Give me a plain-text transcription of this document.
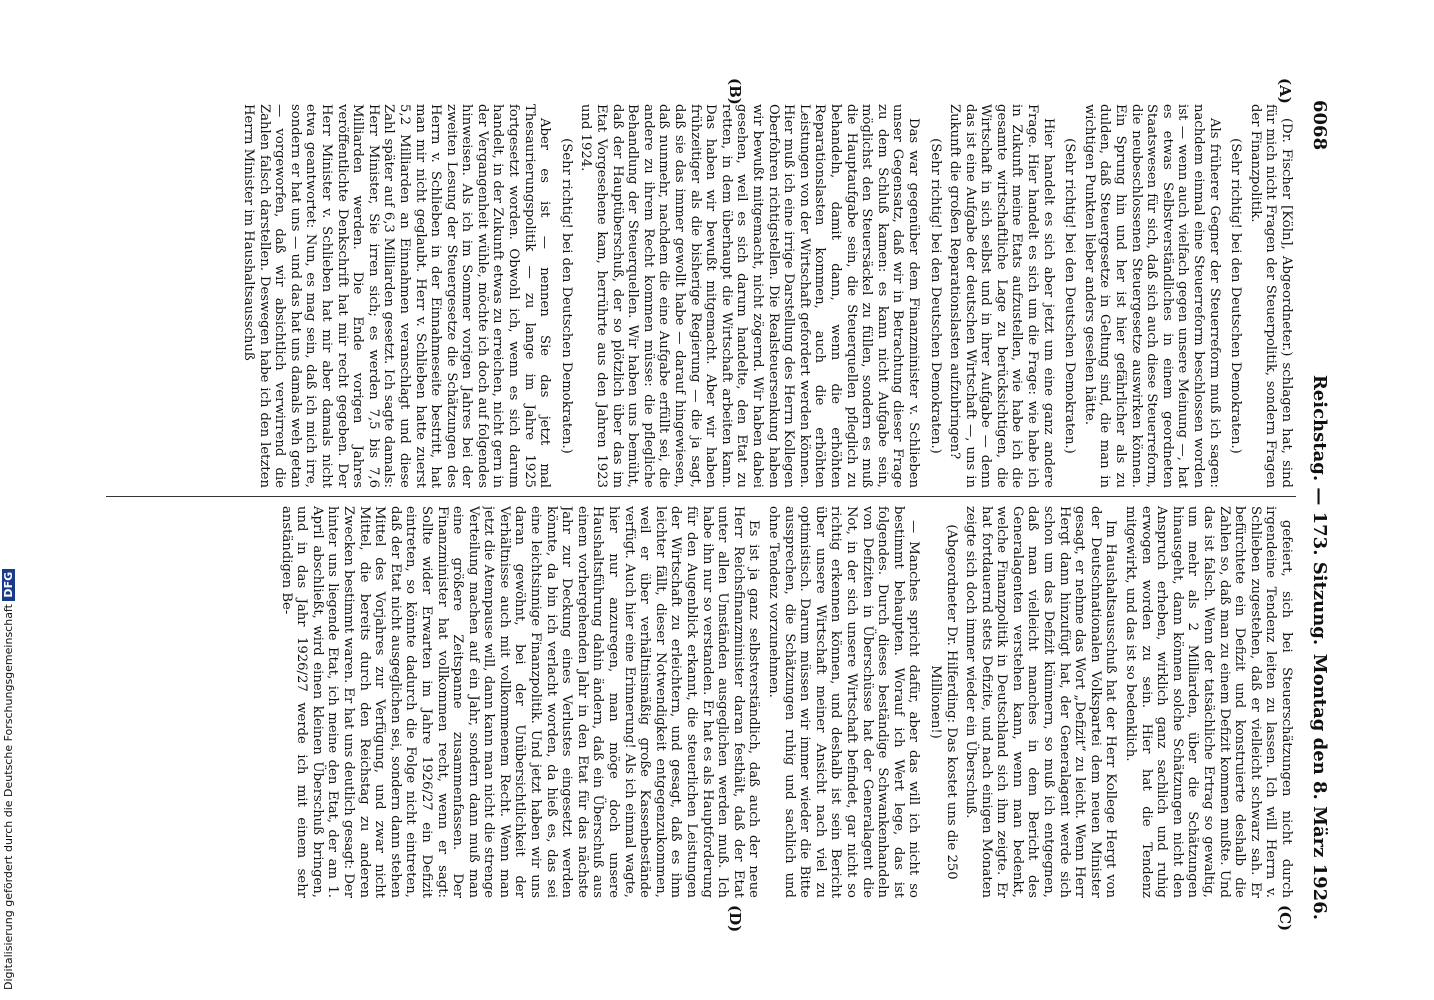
6068
Reichstag. — 173. Sitzung.
Montag den 8. März 1926.
(A)
(B)
(C)
(D)

(Dr. Fischer [Köln], Abgeordneter.) schlagen hat, sind für mich nicht Fragen der Steuerpolitik, sondern Fragen der Finanzpolitik.

(Sehr richtig! bei den Deutschen Demokraten.)

Als früherer Gegner der Steuerreform muß ich sagen: nachdem einmal eine Steuerreform beschlossen worden ist — wenn auch vielfach gegen unsere Meinung —, hat es etwas Selbstverständliches in einem geordneten Staatswesen für sich, daß sich auch diese Steuerreform, die neubeschlossenen Steuergesetze auswirken können. Ein Sprung hin und her ist hier gefährlicher als zu dulden, daß Steuergesetze in Geltung sind, die man in wichtigen Punkten lieber anders gesehen hätte.

(Sehr richtig! bei den Deutschen Demokraten.)

Hier handelt es sich aber jetzt um eine ganz andere Frage. Hier handelt es sich um die Frage: wie habe ich in Zukunft meine Etats aufzustellen, wie habe ich die gesamte wirtschaftliche Lage zu berücksichtigen, die Wirtschaft in sich selbst und in ihrer Aufgabe — denn das ist eine Aufgabe der deutschen Wirtschaft —, uns in Zukunft die großen Reparationslasten aufzubringen?

(Sehr richtig! bei den Deutschen Demokraten.)

Das war gegenüber dem Finanzminister v. Schlieben unser Gegensatz, daß wir in Betrachtung dieser Frage zu dem Schluß kamen: es kann nicht Aufgabe sein, möglichst den Steuersäckel zu füllen, sondern es muß die Hauptaufgabe sein, die Steuerquellen pfleglich zu behandeln, damit dann, wenn die erhöhten Reparationslasten kommen, auch die erhöhten Leistungen von der Wirtschaft gefordert werden können. Hier muß ich eine irrige Darstellung des Herrn Kollegen Oberfohren richtigstellen. Die Realsteuersenkung haben wir bewußt mitgemacht, nicht zögernd. Wir haben dabei gesehen, weil es sich darum handelte, den Etat zu retten, in dem überhaupt die Wirtschaft arbeiten kann. Das haben wir bewußt mitgemacht. Aber wir haben frühzeitiger als die bisherige Regierung — die ja sagt, daß sie das immer gewollt habe — darauf hingewiesen, daß nunmehr, nachdem die eine Aufgabe erfüllt sei, die andere zu ihrem Recht kommen müsse: die pflegliche Behandlung der Steuerquellen. Wir haben uns bemüht, daß der Hauptüberschuß, der so plötzlich über das im Etat Vorgesehene kam, herrührte aus den Jahren 1923 und 1924.

(Sehr richtig! bei den Deutschen Demokraten.)

Aber es ist — nennen Sie das jetzt mal Thesaurierungspolitik — zu lange im Jahre 1925 fortgesetzt worden. Obwohl ich, wenn es sich darum handelt, in der Zukunft etwas zu erreichen, nicht gern in der Vergangenheit wühle, möchte ich doch auf folgendes hinweisen. Als ich im Sommer vorigen Jahres bei der zweiten Lesung der Steuergesetze die Schätzungen des Herrn v. Schlieben in der Einnahmeseite bestritt, hat man mir nicht geglaubt. Herr v. Schlieben hatte zuerst 5,2 Milliarden an Einnahmen veranschlagt und diese Zahl später auf 6,3 Milliarden gesetzt. Ich sagte damals: Herr Minister, Sie irren sich; es werden 7,5 bis 7,6 Milliarden werden. Die Ende vorigen Jahres veröffentlichte Denkschrift hat mir recht gegeben. Der Herr Minister v. Schlieben hat mir aber damals nicht etwa geantwortet: Nun, es mag sein, daß ich mich irre, sondern er hat uns — und das hat uns damals weh getan — vorgeworfen, daß wir absichtlich verwirrend die Zahlen falsch darstellen. Deswegen habe ich den letzten Herrn Minister im Haushaltsausschuß

gefeiert, sich bei Steuerschätzungen nicht durch irgendeine Tendenz leiten zu lassen. Ich will Herrn v. Schlieben zugestehen, daß er vielleicht schwarz sah. Er befürchtete ein Defizit und konstruierte deshalb die Zahlen so, daß man zu einem Defizit kommen mußte. Und das ist falsch. Wenn der tatsächliche Ertrag so gewaltig, um mehr als 2 Milliarden, über die Schätzungen hinausgeht, dann können solche Schätzungen nicht den Anspruch erheben, wirklich ganz sachlich und ruhig erwogen worden zu sein. Hier hat die Tendenz mitgewirkt, und das ist so bedenklich.

Im Haushaltsausschuß hat der Herr Kollege Hergt von der Deutschnationalen Volkspartei dem neuen Minister gesagt, er nehme das Wort „Defizit“ zu leicht. Wenn Herr Hergt dann hinzufügt hat, der Generalagent werde sich schon um das Defizit kümmern, so muß ich entgegnen, daß man vielleicht manches in dem Bericht des Generalagenten verstehen kann, wenn man bedenkt, welche Finanzpolitik in Deutschland sich ihm zeigte. Er hat fortdauernd stets Defizite, und nach einigen Monaten zeigte sich doch immer wieder ein Überschuß.

(Abgeordneter Dr. Hilferding: Das kostet uns die 250 Millionen!)

— Manches spricht dafür, aber das will ich nicht so bestimmt behaupten. Worauf ich Wert lege, das ist folgendes. Durch dieses beständige Schwankenhandeln von Defiziten in Überschüsse hat der Generalagent die Not, in der sich unsere Wirtschaft befindet, gar nicht so richtig erkennen können, und deshalb ist sein Bericht über unsere Wirtschaft meiner Ansicht nach viel zu optimistisch. Darum müssen wir immer wieder die Bitte aussprechen, die Schätzungen ruhig und sachlich und ohne Tendenz vorzunehmen.

Es ist ja ganz selbstverständlich, daß auch der neue Herr Reichsfinanzminister daran festhält, daß der Etat unter allen Umständen ausgeglichen werden muß. Ich habe ihn nur so verstanden. Er hat es als Hauptforderung für den Augenblick erkannt, die steuerlichen Leistungen der Wirtschaft zu erleichtern, und gesagt, daß es ihm leichter fällt, dieser Notwendigkeit entgegenzukommen, weil er über verhältnismäßig große Kassenbestände verfügt. Auch hier eine Erinnerung! Als ich einmal wagte, hier nur anzuregen, man möge doch unsere Haushaltsführung dahin ändern, daß ein Überschuß aus einem vorhergehenden Jahr in den Etat für das nächste Jahr zur Deckung eines Verlustes eingesetzt werden könnte, da bin ich verlacht worden, da hieß es, das sei eine leichtsinnige Finanzpolitik. Und jetzt haben wir uns daran gewöhnt, bei der Unübersichtlichkeit der Verhältnisse auch mit vollkommenem Recht. Wenn man jetzt die Atempause will, dann kann man nicht die strenge Verteilung machen auf ein Jahr, sondern dann muß man eine größere Zeitspanne zusammenfassen. Der Finanzminister hat vollkommen recht, wenn er sagt: Sollte wider Erwarten im Jahre 1926/27 ein Defizit eintreten, so könnte dadurch die Folge nicht eintreten, daß der Etat nicht ausgeglichen sei, sondern dann stehen Mittel des Vorjahres zur Verfügung, und zwar nicht Mittel, die bereits durch den Reichstag zu anderen Zwecken bestimmt waren. Er hat uns deutlich gesagt: Der hinter uns liegende Etat, ich meine den Etat, der am 1. April abschließt, wird einen kleinen Überschuß bringen, und in das Jahr 1926/27 werde ich mit einem sehr anständigen Be-

Digitalisierung gefördert durch die Deutsche Forschungsgemeinschaft DFG
